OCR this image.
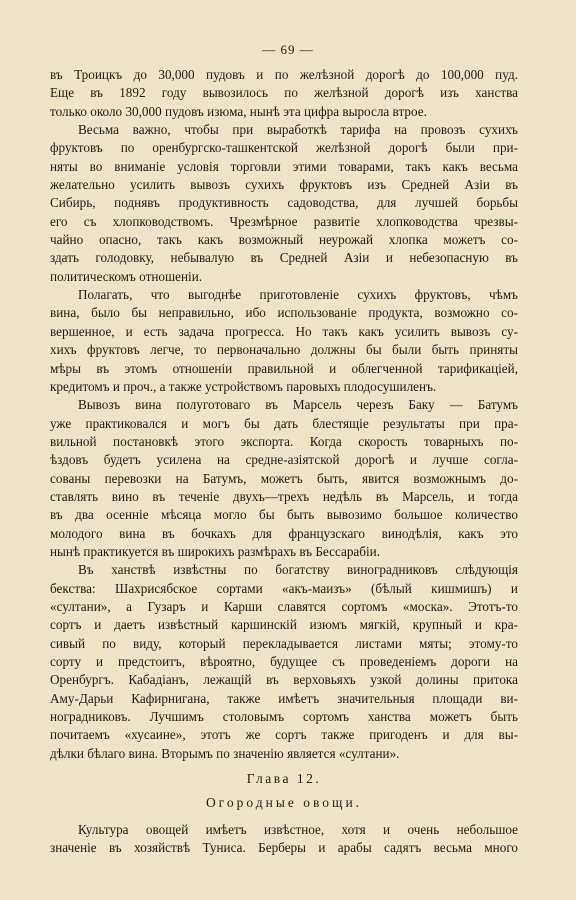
— 69 —
въ Троицкъ до 30,000 пудовъ и по желѣзной дорогѣ до 100,000 пуд.
Еще въ 1892 году вывозилось по желѣзной дорогѣ изъ ханства
только около 30,000 пудовъ изюма, нынѣ эта цифра выросла втрое.
Весьма важно, чтобы при выработкѣ тарифа на провозъ сухихъ
фруктовъ по оренбургско-ташкентской желѣзной дорогѣ были при-
няты во вниманіе условія торговли этими товарами, такъ какъ весьма
желательно усилить вывозъ сухихъ фруктовъ изъ Средней Азіи въ
Сибирь, поднявъ продуктивность садоводства, для лучшей борьбы
его съ хлопководствомъ. Чрезмѣрное развитіе хлопководства чрезвы-
чайно опасно, такъ какъ возможный неурожай хлопка можетъ со-
здать голодовку, небывалую въ Средней Азіи и небезопасную въ
политическомъ отношеніи.
Полагать, что выгоднѣе приготовленіе сухихъ фруктовъ, чѣмъ
вина, было бы неправильно, ибо использованіе продукта, возможно со-
вершенное, и есть задача прогресса. Но такъ какъ усилить вывозъ су-
хихъ фруктовъ легче, то первоначально должны бы были быть приняты
мѣры въ этомъ отношеніи правильной и облегченной тарификаціей,
кредитомъ и проч., а также устройствомъ паровыхъ плодосушиленъ.
Вывозъ вина полуготоваго въ Марсель черезъ Баку — Батумъ
уже практиковался и могъ бы дать блестящіе результаты при пра-
вильной постановкѣ этого экспорта. Когда скорость товарныхъ по-
ѣздовъ будетъ усилена на средне-азіятской дорогѣ и лучше согла-
сованы перевозки на Батумъ, можетъ быть, явится возможнымъ до-
ставлять вино въ теченіе двухъ—трехъ недѣль въ Марсель, и тогда
въ два осенніе мѣсяца могло бы быть вывозимо большое количество
молодого вина въ бочкахъ для французскаго винодѣлія, какъ это
нынѣ практикуется въ широкихъ размѣрахъ въ Бессарабіи.
Въ ханствѣ извѣстны по богатству виноградниковъ слѣдующія
бекства: Шахрисябское сортами «акъ-маизъ» (бѣлый кишмишъ) и
«султани», а Гузаръ и Карши славятся сортомъ «моска». Этотъ-то
сортъ и даетъ извѣстный каршинскій изюмъ мягкій, крупный и кра-
сивый по виду, который перекладывается листами мяты; этому-то
сорту и предстоитъ, вѣроятно, будущее съ проведеніемъ дороги на
Оренбургъ. Кабадіанъ, лежащій въ верховьяхъ узкой долины притока
Аму-Дарьи Кафирнигана, также имѣетъ значительныя площади ви-
ноградниковъ. Лучшимъ столовымъ сортомъ ханства можетъ быть
почитаемъ «хусаине», этотъ же сортъ также пригоденъ и для вы-
дѣлки бѣлаго вина. Вторымъ по значенію является «султани».
Глава 12.
Огородные овощи.
Культура овощей имѣетъ извѣстное, хотя и очень небольшое
значеніе въ хозяйствѣ Туниса. Берберы и арабы садятъ весьма много
